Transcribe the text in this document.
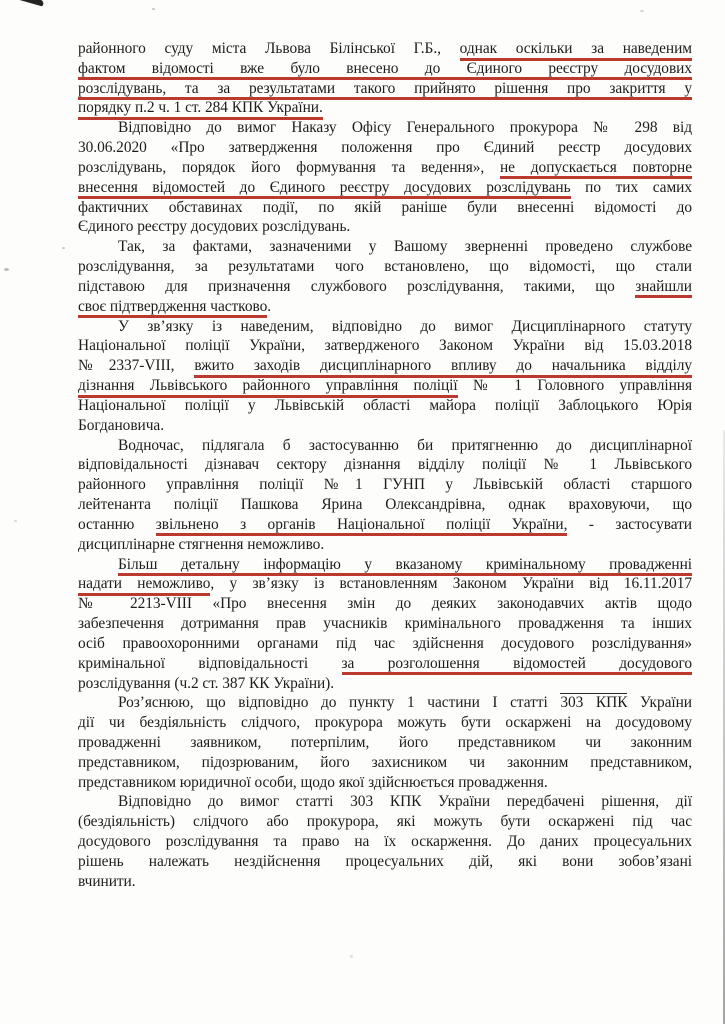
районного суду міста Львова Білінської Г.Б., однак оскільки за наведеним
фактом відомості вже було внесено до Єдиного реєстру досудових
розслідувань, та за результатами такого прийнято рішення про закриття у
порядку п.2 ч. 1 ст. 284 КПК України.
Відповідно до вимог Наказу Офісу Генерального прокурора № 298 від
30.06.2020 «Про затвердження положення про Єдиний реєстр досудових
розслідувань, порядок його формування та ведення», не допускається повторне
внесення відомостей до Єдиного реєстру досудових розслідувань по тих самих
фактичних обставинах події, по якій раніше були внесенні відомості до
Єдиного реєстру досудових розслідувань.
Так, за фактами, зазначеними у Вашому зверненні проведено службове
розслідування, за результатами чого встановлено, що відомості, що стали
підставою для призначення службового розслідування, такими, що знайшли
своє підтвердження частково.
У зв’язку із наведеним, відповідно до вимог Дисциплінарного статуту
Національної поліції України, затвердженого Законом України від 15.03.2018
№2337-VIII, вжито заходів дисциплінарного впливу до начальника відділу
дізнання Львівського районного управління поліції № 1 Головного управління
Національної поліції у Львівській області майора поліції Заблоцького Юрія
Богдановича.
Водночас, підлягала б застосуванню би притягненню до дисциплінарної
відповідальності дізнавач сектору дізнання відділу поліції № 1 Львівського
районного управління поліції №1 ГУНП у Львівській області старшого
лейтенанта поліції Пашкова Ярина Олександрівна, однак враховуючи, що
останню звільнено з органів Національної поліції України, - застосувати
дисциплінарне стягнення неможливо.
Більш детальну інформацію у вказаному кримінальному провадженні
надати неможливо, у зв’язку із встановленням Законом України від 16.11.2017
№ 2213-VIII «Про внесення змін до деяких законодавчих актів щодо
забезпечення дотримання прав учасників кримінального провадження та інших
осіб правоохоронними органами під час здійснення досудового розслідування»
кримінальної відповідальності за розголошення відомостей досудового
розслідування (ч.2 ст. 387 КК України).
Роз’яснюю, що відповідно до пункту 1 частини І статті 303 КПК України
дії чи бездіяльність слідчого, прокурора можуть бути оскаржені на досудовому
провадженні заявником, потерпілим, його представником чи законним
представником, підозрюваним, його захисником чи законним представником,
представником юридичної особи, щодо якої здійснюється провадження.
Відповідно до вимог статті 303 КПК України передбачені рішення, дії
(бездіяльність) слідчого або прокурора, які можуть бути оскаржені під час
досудового розслідування та право на їх оскарження. До даних процесуальних
рішень належать нездійснення процесуальних дій, які вони зобов’язані
вчинити.
